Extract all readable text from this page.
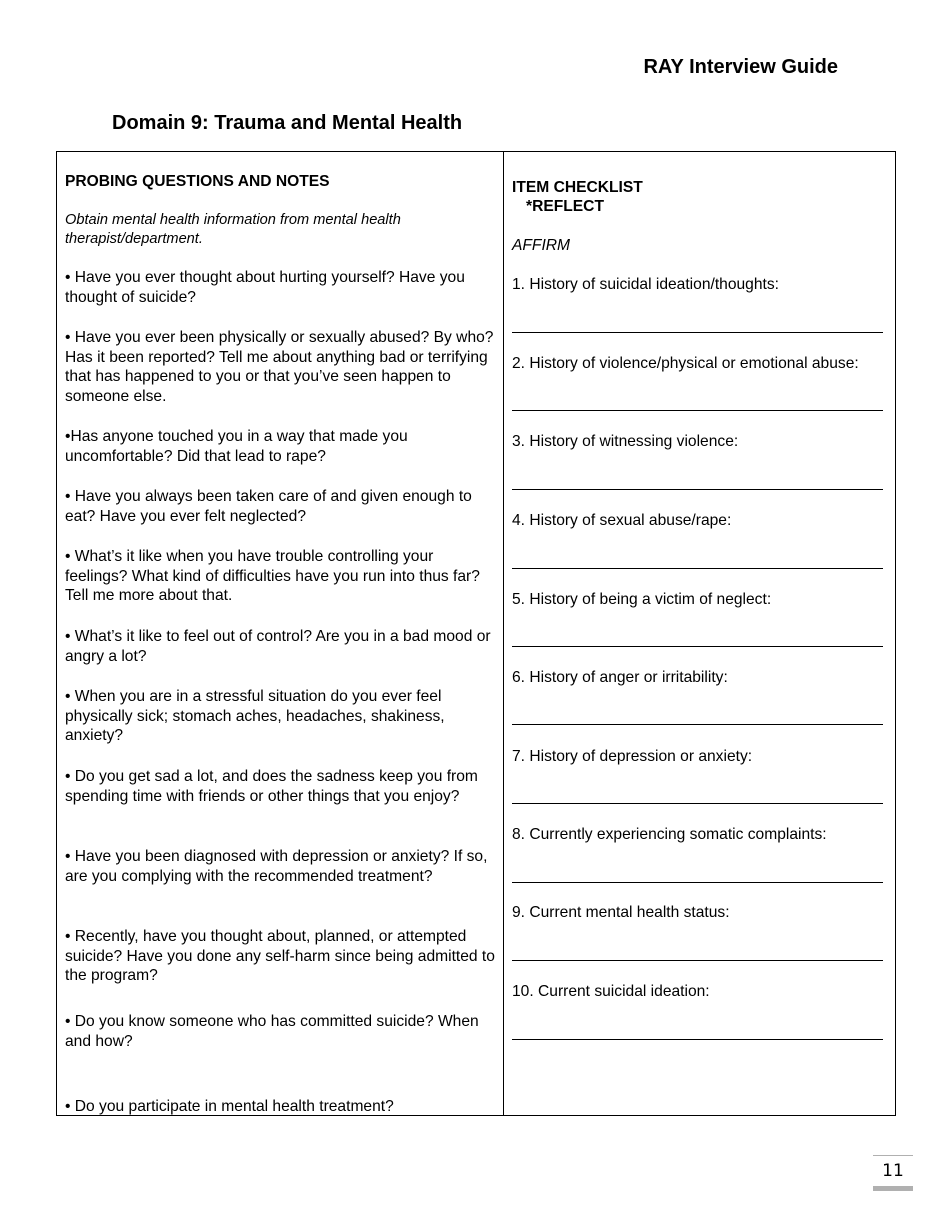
RAY Interview Guide
Domain 9: Trauma and Mental Health
PROBING QUESTIONS AND NOTES
Obtain mental health information from mental health therapist/department.
• Have you ever thought about hurting yourself? Have you thought of suicide?
• Have you ever been physically or sexually abused? By who? Has it been reported? Tell me about anything bad or terrifying that has happened to you or that you’ve seen happen to someone else.
•Has anyone touched you in a way that made you uncomfortable? Did that lead to rape?
• Have you always been taken care of and given enough to eat? Have you ever felt neglected?
• What’s it like when you have trouble controlling your feelings? What kind of difficulties have you run into thus far? Tell me more about that.
• What’s it like to feel out of control? Are you in a bad mood or angry a lot?
• When you are in a stressful situation do you ever feel physically sick; stomach aches, headaches, shakiness, anxiety?
• Do you get sad a lot, and does the sadness keep you from spending time with friends or other things that you enjoy?
• Have you been diagnosed with depression or anxiety? If so, are you complying with the recommended treatment?
• Recently, have you thought about, planned, or attempted suicide? Have you done any self-harm since being admitted to the program?
• Do you know someone who has committed suicide? When and how?
• Do you participate in mental health treatment?
ITEM CHECKLIST
*REFLECT
AFFIRM
1. History of suicidal ideation/thoughts:
2. History of violence/physical or emotional abuse:
3. History of witnessing violence:
4. History of sexual abuse/rape:
5. History of being a victim of neglect:
6. History of anger or irritability:
7. History of depression or anxiety:
8. Currently experiencing somatic complaints:
9. Current mental health status:
10. Current suicidal ideation:
11
